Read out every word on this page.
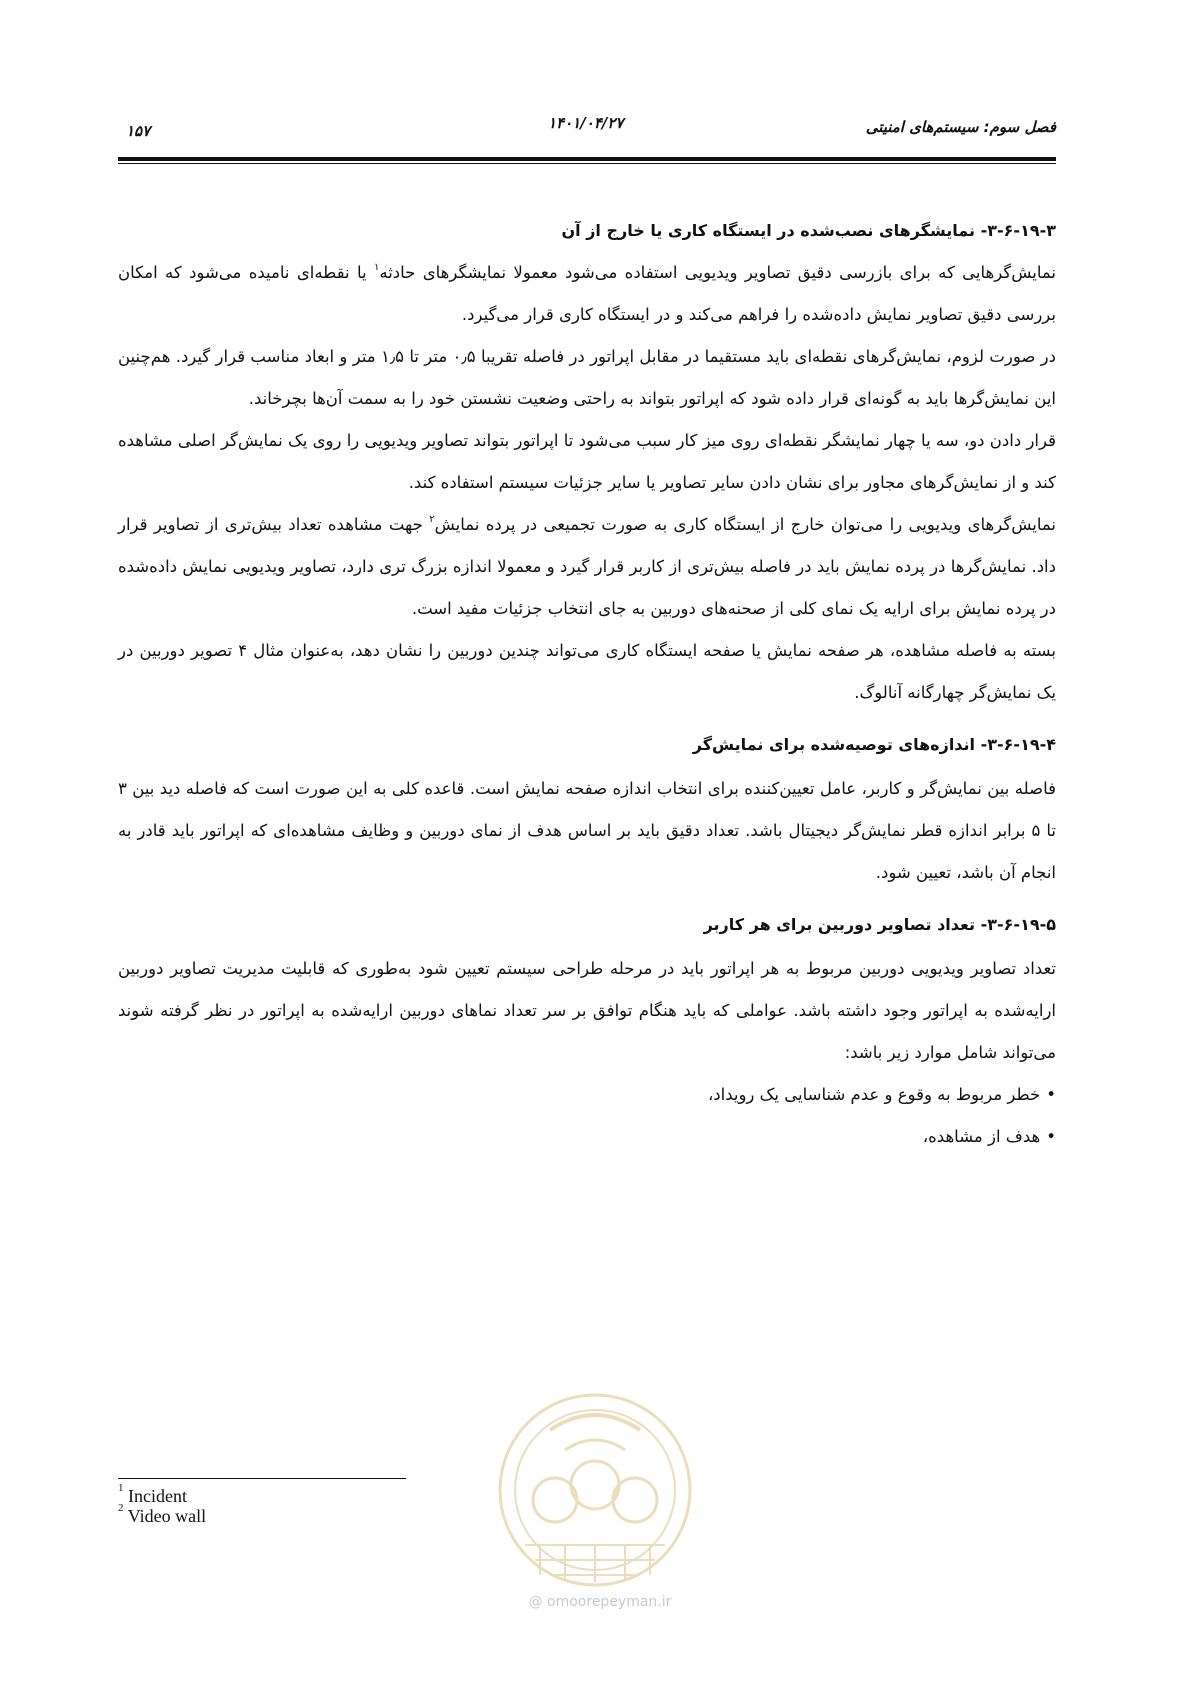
فصل سوم: سیستم‌های امنیتی
۱۴۰۱/۰۴/۲۷
۱۵۷
۳-۶-۱۹-۳- نمایشگرهای نصب‌شده در ایستگاه کاری یا خارج از آن

نمایش‌گرهایی که برای بازرسی دقیق تصاویر ویدیویی استفاده می‌شود معمولا نمایشگرهای حادثه$^۱$ یا نقطه‌ای نامیده می‌شود که امکان بررسی دقیق تصاویر نمایش داده‌شده را فراهم می‌کند و در ایستگاه کاری قرار می‌گیرد.

در صورت لزوم، نمایش‌گرهای نقطه‌ای باید مستقیما در مقابل اپراتور در فاصله تقریبا ۰٫۵ متر تا ۱٫۵ متر و ابعاد مناسب قرار گیرد. هم‌چنین این نمایش‌گرها باید به گونه‌ای قرار داده شود که اپراتور بتواند به راحتی وضعیت نشستن خود را به سمت آن‌ها بچرخاند.

قرار دادن دو، سه یا چهار نمایشگر نقطه‌ای روی میز کار سبب می‌شود تا اپراتور بتواند تصاویر ویدیویی را روی یک نمایش‌گر اصلی مشاهده کند و از نمایش‌گرهای مجاور برای نشان دادن سایر تصاویر یا سایر جزئیات سیستم استفاده کند.

نمایش‌گرهای ویدیویی را می‌توان خارج از ایستگاه کاری به صورت تجمیعی در پرده نمایش$^۲$ جهت مشاهده تعداد بیش‌تری از تصاویر قرار داد. نمایش‌گرها در پرده نمایش باید در فاصله بیش‌تری از کاربر قرار گیرد و معمولا اندازه بزرگ تری دارد، تصاویر ویدیویی نمایش داده‌شده در پرده نمایش برای ارایه یک نمای کلی از صحنه‌های دوربین به جای انتخاب جزئیات مفید است.

بسته به فاصله مشاهده، هر صفحه نمایش یا صفحه ایستگاه کاری می‌تواند چندین دوربین را نشان دهد، به‌عنوان مثال ۴ تصویر دوربین در یک نمایش‌گر چهارگانه آنالوگ.

۳-۶-۱۹-۴- اندازه‌های توصیه‌شده برای نمایش‌گر

فاصله بین نمایش‌گر و کاربر، عامل تعیین‌کننده برای انتخاب اندازه صفحه نمایش است. قاعده کلی به این صورت است که فاصله دید بین ۳ تا ۵ برابر اندازه قطر نمایش‌گر دیجیتال باشد. تعداد دقیق باید بر اساس هدف از نمای دوربین و وظایف مشاهده‌ای که اپراتور باید قادر به انجام آن باشد، تعیین شود.

۳-۶-۱۹-۵- تعداد تصاویر دوربین برای هر کاربر

تعداد تصاویر ویدیویی دوربین مربوط به هر اپراتور باید در مرحله طراحی سیستم تعیین شود به‌طوری که قابلیت مدیریت تصاویر دوربین ارایه‌شده به اپراتور وجود داشته باشد. عواملی که باید هنگام توافق بر سر تعداد نماهای دوربین ارایه‌شده به اپراتور در نظر گرفته شوند می‌تواند شامل موارد زیر باشد:

•خطر مربوط به وقوع و عدم شناسایی یک رویداد،
•هدف از مشاهده،
@ omoorepeyman.ir
$^1$ Incident
$^2$ Video wall
